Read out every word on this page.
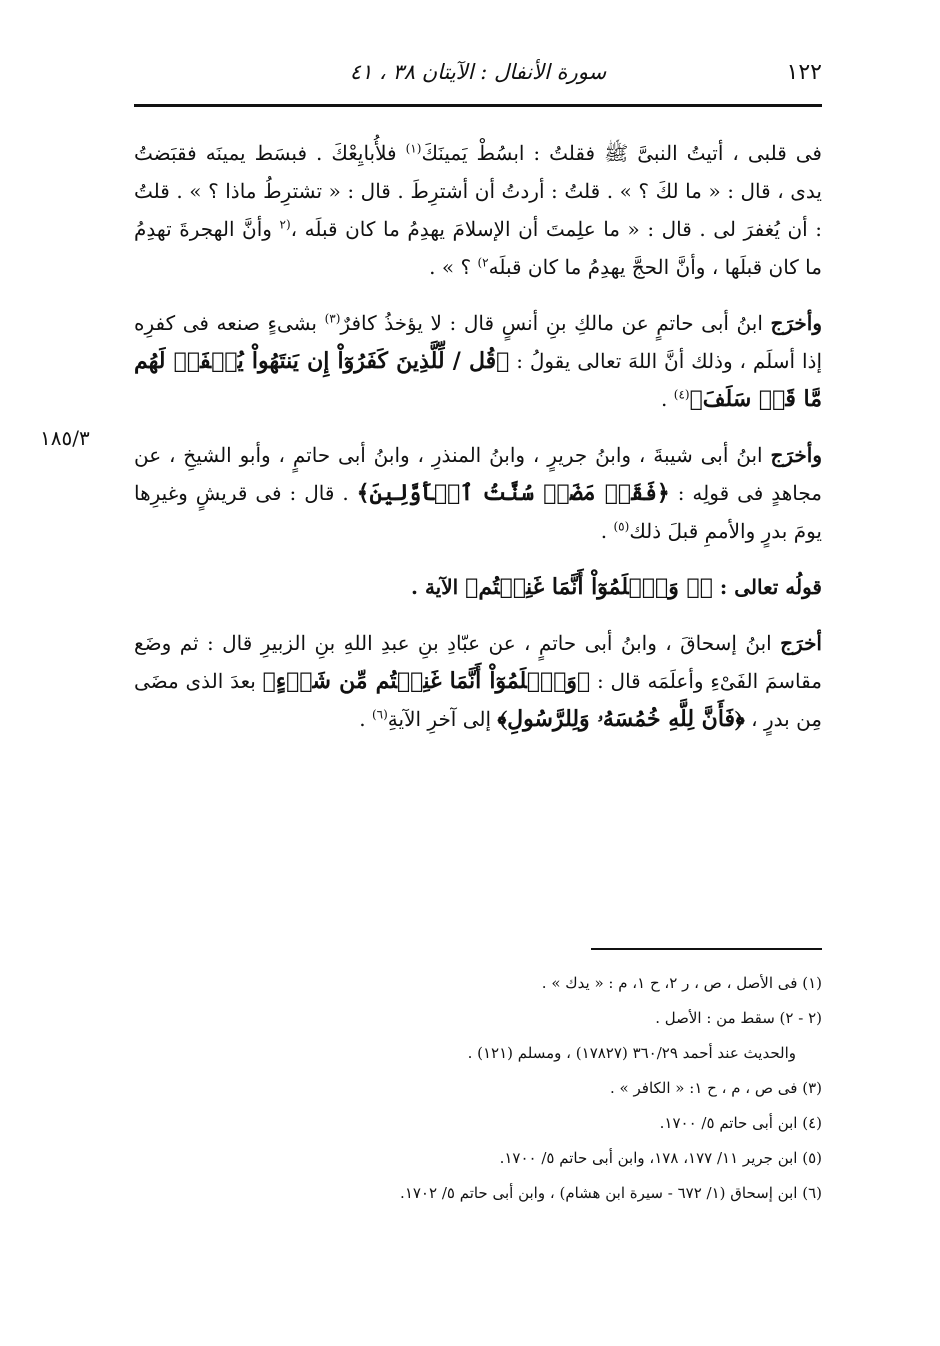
١٢٢
سورة الأنفال : الآيتان ٣٨ ، ٤١
١٨٥/٣

فى قلبى ، أتيتُ النبىَّ ﷺ فقلتُ : ابسُطْ يَمينَكَ$^{(١)}$ فلأُبايِعْكَ . فبسَط يمينَه فقبَضتُ يدى ، قال : « ما لكَ ؟ » . قلتُ : أردتُ أن أشترِطَ . قال : « تشترِطُ ماذا ؟ » . قلتُ : أن يُغفرَ لى . قال : « ما علِمتَ أن الإسلامَ يهدِمُ ما كان قبلَه ،$^{(٢}$ وأنَّ الهجرةَ تهدِمُ ما كان قبلَها ، وأنَّ الحجَّ يهدِمُ ما كان قبلَه$^{٢)}$ ؟ » .

وأخرَج ابنُ أبى حاتمٍ عن مالكِ بنِ أنسٍ قال : لا يؤخذُ كافرٌ$^{(٣)}$ بشىءٍ صنعه فى كفرِه إذا أسلَم ، وذلك أنَّ اللهَ تعالى يقولُ : ﴿قُل / لِّلَّذِينَ كَفَرُوٓاْ إِن يَنتَهُواْ يُغۡفَرۡ لَهُم مَّا قَدۡ سَلَفَ﴾$^{(٤)}$ .

وأخرَج ابنُ أبى شيبةَ ، وابنُ جريرٍ ، وابنُ المنذرِ ، وابنُ أبى حاتمٍ ، وأبو الشيخِ ، عن مجاهدٍ فى قولِه : ﴿فَقَدۡ مَضَتۡ سُنَّتُ ٱلۡأَوَّلِينَ﴾ . قال : فى قريشٍ وغيرِها يومَ بدرٍ والأممِ قبلَ ذلك$^{(٥)}$ .

قولُه تعالى : ﴿۞ وَٱعۡلَمُوٓاْ أَنَّمَا غَنِمۡتُم﴾ الآية .

أخرَج ابنُ إسحاقَ ، وابنُ أبى حاتمٍ ، عن عبّادِ بنِ عبدِ اللهِ بنِ الزبيرِ قال : ثم وضَع مقاسمَ الفَىْءِ وأعلَمَه قال : ﴿وَٱعۡلَمُوٓاْ أَنَّمَا غَنِمۡتُم مِّن شَىۡءٍ﴾ بعدَ الذى مضَى مِن بدرٍ ، ﴿فَأَنَّ لِلَّهِ خُمُسَهُۥ وَلِلرَّسُولِ﴾ إلى آخرِ الآيةِ$^{(٦)}$ .

(١) فى الأصل ، ص ، ر ٢، ح ١، م : « يدك » .
(٢ - ٢) سقط من : الأصل .
والحديث عند أحمد ٣٦٠/٢٩ (١٧٨٢٧) ، ومسلم (١٢١) .
(٣) فى ص ، م ، ح ١: « الكافر » .
(٤) ابن أبى حاتم ٥/ ١٧٠٠.
(٥) ابن جرير ١١/ ١٧٧، ١٧٨، وابن أبى حاتم ٥/ ١٧٠٠.
(٦) ابن إسحاق (١/ ٦٧٢ - سيرة ابن هشام) ، وابن أبى حاتم ٥/ ١٧٠٢.
